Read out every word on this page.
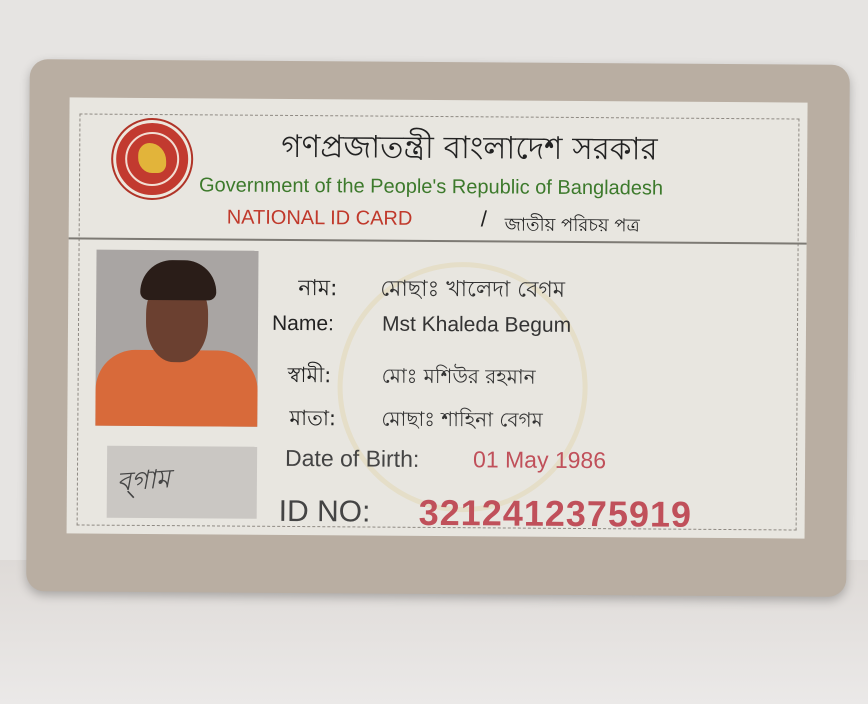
গণপ্রজাতন্ত্রী বাংলাদেশ সরকার
Government of the People's Republic of Bangladesh
NATIONAL ID CARD	/ জাতীয় পরিচয় পত্র
ব্গাম
নাম: মোছাঃ খালেদা বেগম
Name: Mst Khaleda Begum
স্বামী:	মোঃ মশিউর রহমান
মাতা: মোছাঃ শাহিনা বেগম
Date of Birth: 01 May 1986
ID NO: 3212412375919
